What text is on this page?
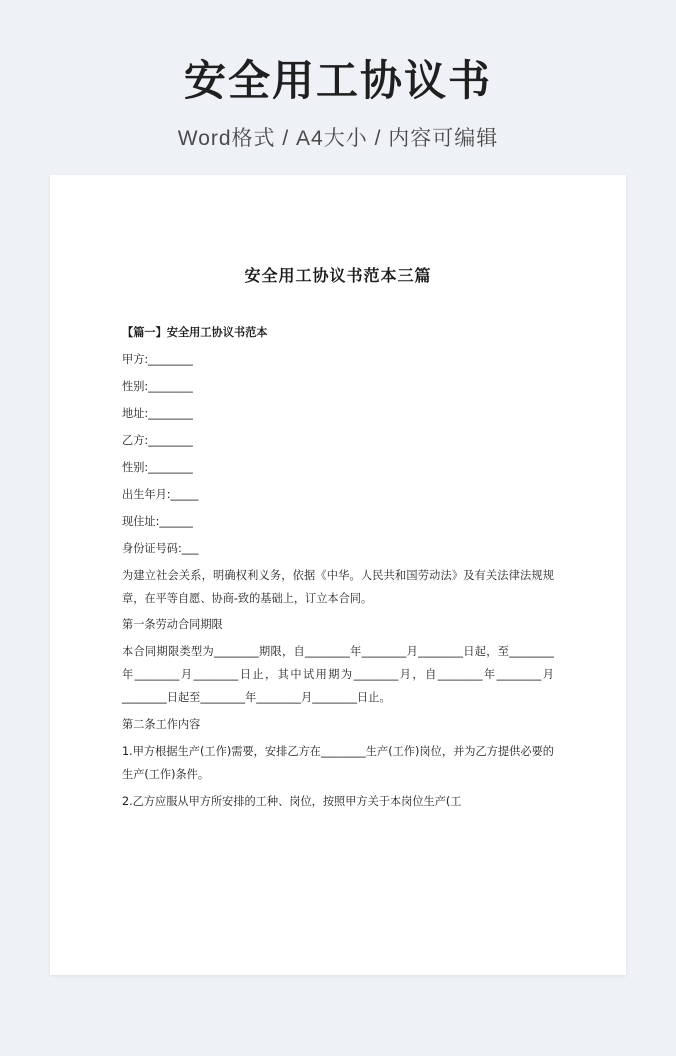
安全用工协议书
Word格式 / A4大小 / 内容可编辑
安全用工协议书范本三篇
【篇一】安全用工协议书范本
甲方:________
性别:________
地址:________
乙方:________
性别:________
出生年月:_____
现住址:______
身份证号码:___
为建立社会关系，明确权利义务，依据《中华。人民共和国劳动法》及有关法律法规规章，在平等自愿、协商-致的基础上，订立本合同。
第一条劳动合同期限
本合同期限类型为________期限，自________年________月________日起，至________年________月________日止，其中试用期为________月，自________年________月________日起至________年________月________日止。
第二条工作内容
1.甲方根据生产(工作)需要，安排乙方在________生产(工作)岗位，并为乙方提供必要的生产(工作)条件。
2.乙方应服从甲方所安排的工种、岗位，按照甲方关于本岗位生产(工
